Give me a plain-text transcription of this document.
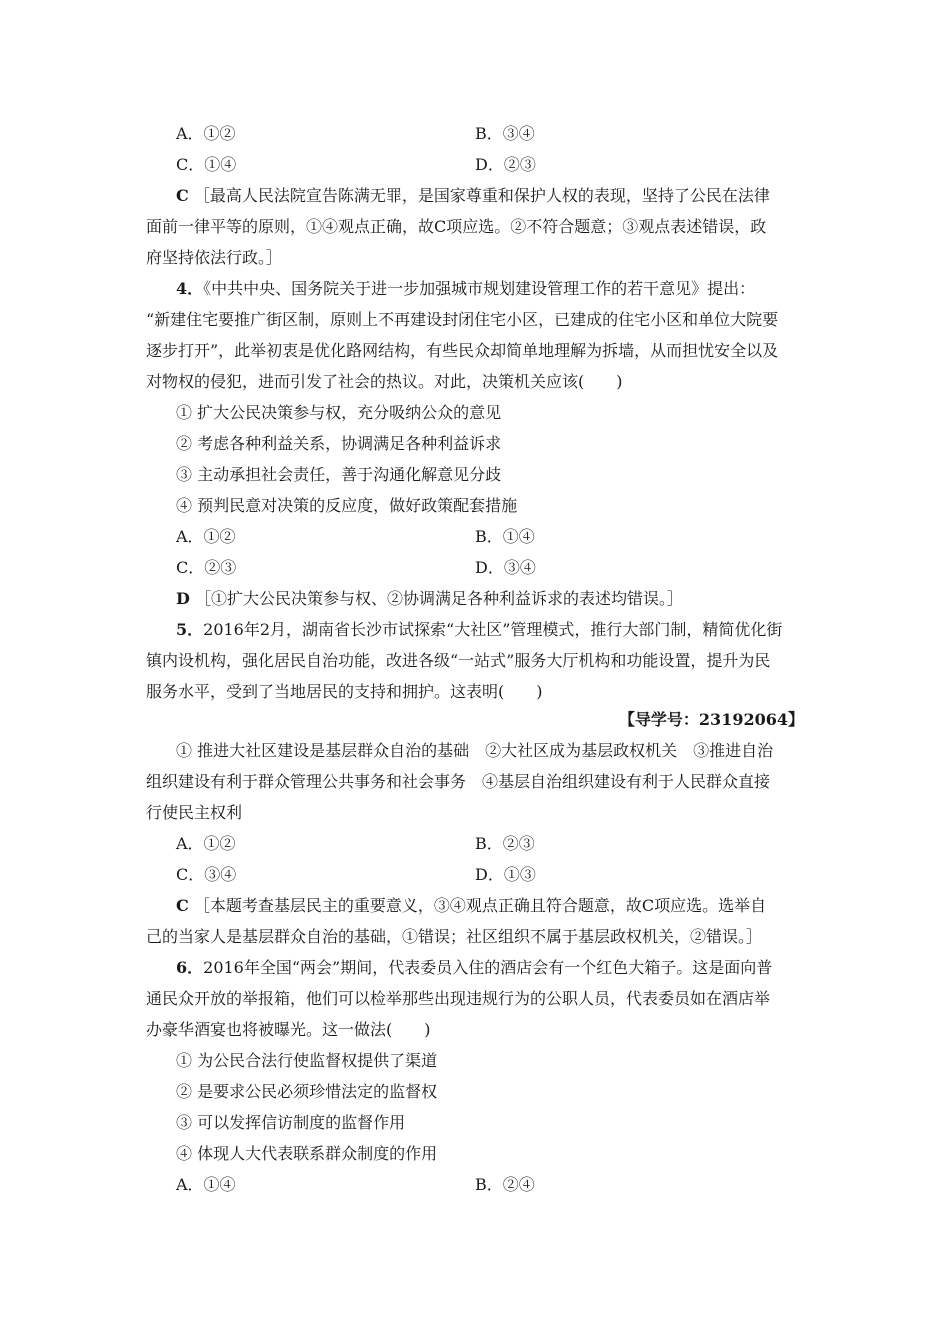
A．①②	B．③④
C．①④	D．②③
C ［最高人民法院宣告陈满无罪，是国家尊重和保护人权的表现，坚持了公民在法律
面前一律平等的原则，①④观点正确，故C项应选。②不符合题意；③观点表述错误，政
府坚持依法行政。］
4．《中共中央、国务院关于进一步加强城市规划建设管理工作的若干意见》提出：
“新建住宅要推广街区制，原则上不再建设封闭住宅小区，已建成的住宅小区和单位大院要
逐步打开”，此举初衷是优化路网结构，有些民众却简单地理解为拆墙，从而担忧安全以及
对物权的侵犯，进而引发了社会的热议。对此，决策机关应该(　　)
① 扩大公民决策参与权，充分吸纳公众的意见
② 考虑各种利益关系，协调满足各种利益诉求
③ 主动承担社会责任，善于沟通化解意见分歧
④ 预判民意对决策的反应度，做好政策配套措施
A．①②	B．①④
C．②③	D．③④
D ［①扩大公民决策参与权、②协调满足各种利益诉求的表述均错误。］
5．2016年2月，湖南省长沙市试探索“大社区”管理模式，推行大部门制，精简优化街
镇内设机构，强化居民自治功能，改进各级“一站式”服务大厅机构和功能设置，提升为民
服务水平，受到了当地居民的支持和拥护。这表明(　　)
【导学号：23192064】
① 推进大社区建设是基层群众自治的基础　②大社区成为基层政权机关　③推进自治
组织建设有利于群众管理公共事务和社会事务　④基层自治组织建设有利于人民群众直接
行使民主权利
A．①②	B．②③
C．③④	D．①③
C ［本题考查基层民主的重要意义，③④观点正确且符合题意，故C项应选。选举自
己的当家人是基层群众自治的基础，①错误；社区组织不属于基层政权机关，②错误。］
6．2016年全国“两会”期间，代表委员入住的酒店会有一个红色大箱子。这是面向普
通民众开放的举报箱，他们可以检举那些出现违规行为的公职人员，代表委员如在酒店举
办豪华酒宴也将被曝光。这一做法(　　)
① 为公民合法行使监督权提供了渠道
② 是要求公民必须珍惜法定的监督权
③ 可以发挥信访制度的监督作用
④ 体现人大代表联系群众制度的作用
A．①④	B．②④
